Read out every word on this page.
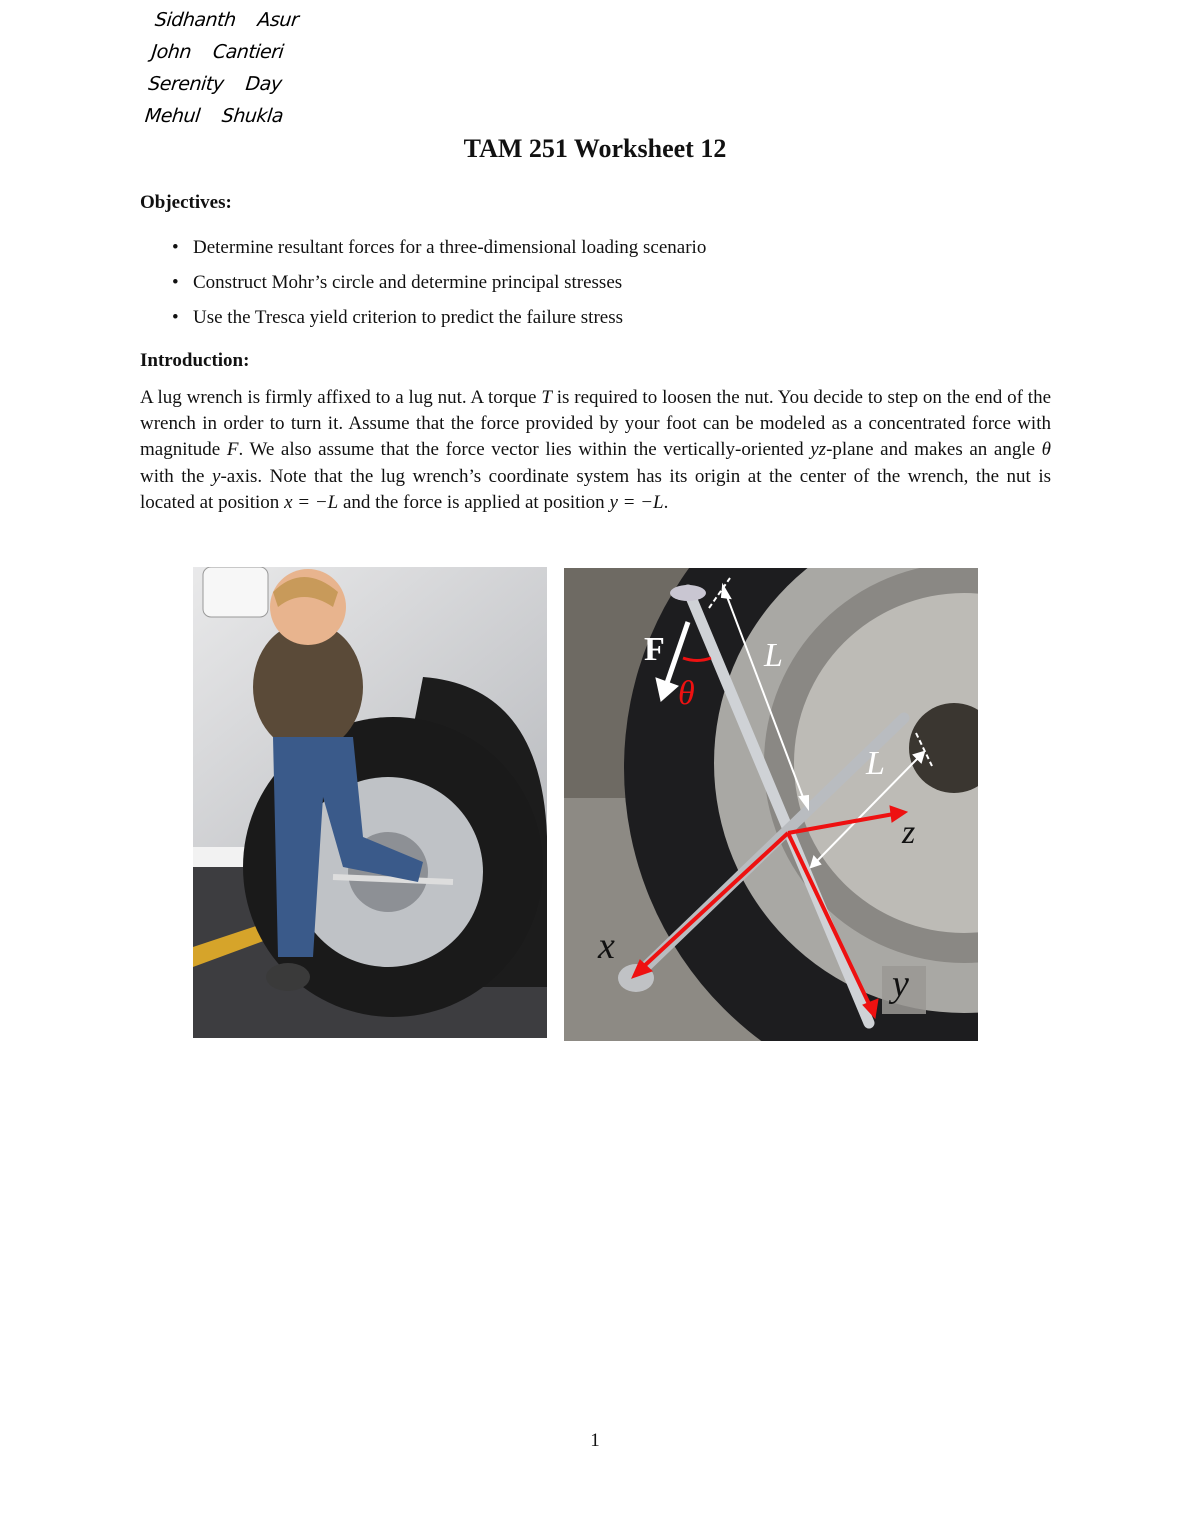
Sidhanth Asur
John Cantieri
Serenity Day
Mehul Shukla
TAM 251 Worksheet 12
Objectives:
• Determine resultant forces for a three-dimensional loading scenario
• Construct Mohr’s circle and determine principal stresses
• Use the Tresca yield criterion to predict the failure stress
Introduction:

A lug wrench is firmly affixed to a lug nut. A torque T is required to loosen the nut. You decide to step on the end of the wrench in order to turn it. Assume that the force provided by your foot can be modeled as a concentrated force with magnitude F. We also assume that the force vector lies within the vertically-oriented yz-plane and makes an angle θ with the y-axis. Note that the lug wrench’s coordinate system has its origin at the center of the wrench, the nut is located at position x = −L and the force is applied at position y = −L.

F	L
θ
L
z
x
y
1
